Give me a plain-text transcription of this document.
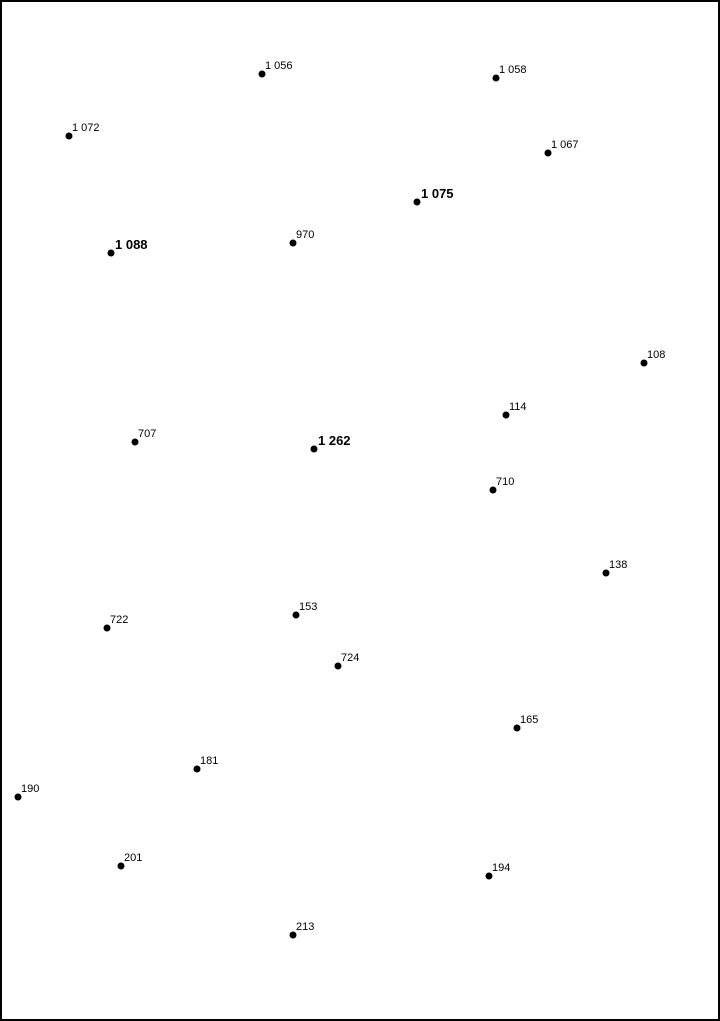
1 056	1 058
1 072
1 067
1 075
970
1 088
108
114
707	1 262
710
138
153
722
724
165
181
190
201
194
213
